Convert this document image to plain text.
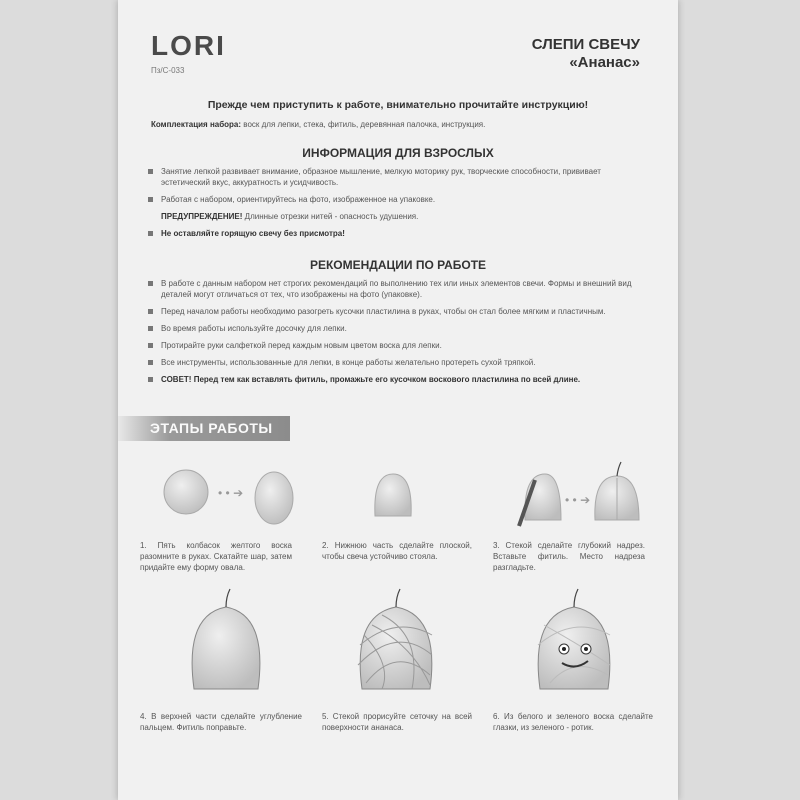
LORI
Пз/С-033
СЛЕПИ СВЕЧУ
«Ананас»
Прежде чем приступить к работе, внимательно прочитайте инструкцию!
Комплектация набора: воск для лепки, стека, фитиль, деревянная палочка, инструкция.
ИНФОРМАЦИЯ ДЛЯ ВЗРОСЛЫХ
Занятие лепкой развивает внимание, образное мышление, мелкую моторику рук, творческие способности, прививает эстетический вкус, аккуратность и усидчивость.
Работая с набором, ориентируйтесь на фото, изображенное на упаковке.
ПРЕДУПРЕЖДЕНИЕ! Длинные отрезки нитей - опасность удушения.
Не оставляйте горящую свечу без присмотра!
РЕКОМЕНДАЦИИ ПО РАБОТЕ
В работе с данным набором нет строгих рекомендаций по выполнению тех или иных элементов свечи. Формы и внешний вид деталей могут отличаться от тех, что изображены на фото (упаковке).
Перед началом работы необходимо разогреть кусочки пластилина в руках, чтобы он стал более мягким и пластичным.
Во время работы используйте досочку для лепки.
Протирайте руки салфеткой перед каждым новым цветом воска для лепки.
Все инструменты, использованные для лепки, в конце работы желательно протереть сухой тряпкой.
СОВЕТ! Перед тем как вставлять фитиль, промажьте его кусочком воскового пластилина по всей длине.
ЭТАПЫ РАБОТЫ
• • ➔	• • ➔
1. Пять колбасок желтого воска разомните в руках. Скатайте шар, затем придайте ему форму овала.
2. Нижнюю часть сделайте плоской, чтобы свеча устойчиво стояла.
3. Стекой сделайте глубокий надрез. Вставьте фитиль. Место надреза разгладьте.
4. В верхней части сделайте углубление пальцем. Фитиль поправьте.
5. Стекой прорисуйте сеточку на всей поверхности ананаса.
6. Из белого и зеленого воска сделайте глазки, из зеленого - ротик.
